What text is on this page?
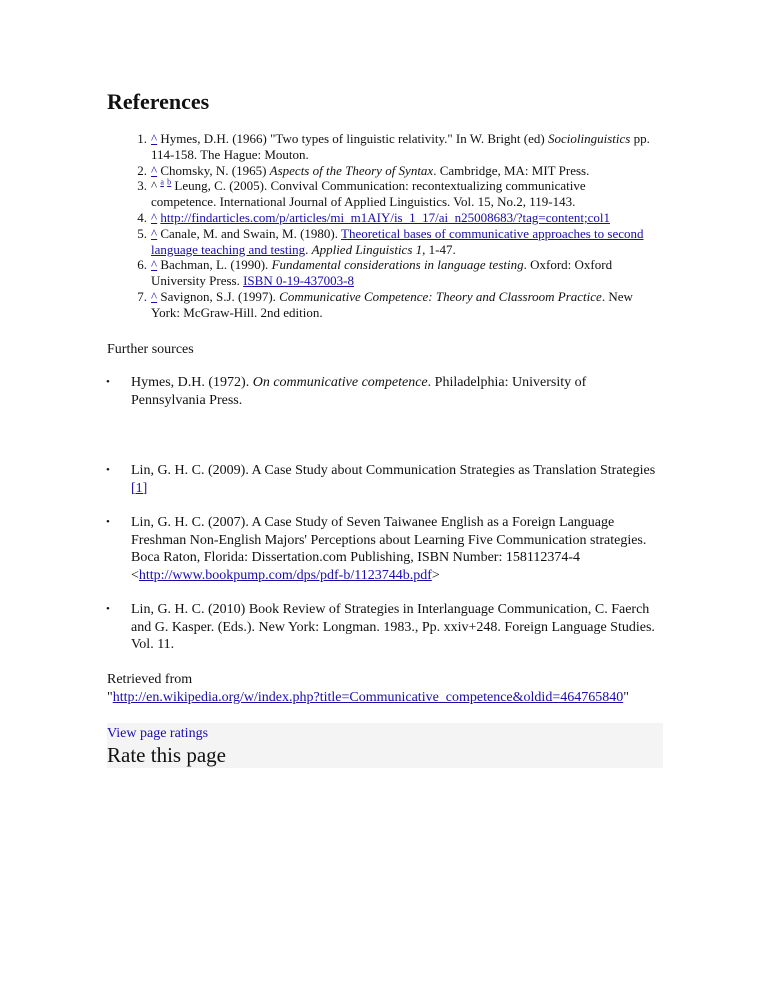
References
1. ^ Hymes, D.H. (1966) "Two types of linguistic relativity." In W. Bright (ed) Sociolinguistics pp. 114-158. The Hague: Mouton.
2. ^ Chomsky, N. (1965) Aspects of the Theory of Syntax. Cambridge, MA: MIT Press.
3. ^ $^a$ $^b$ Leung, C. (2005). Convival Communication: recontextualizing communicative competence. International Journal of Applied Linguistics. Vol. 15, No.2, 119-143.
4. ^ http://findarticles.com/p/articles/mi_m1AIY/is_1_17/ai_n25008683/?tag=content;col1
5. ^ Canale, M. and Swain, M. (1980). Theoretical bases of communicative approaches to second language teaching and testing. Applied Linguistics 1, 1-47.
6. ^ Bachman, L. (1990). Fundamental considerations in language testing. Oxford: Oxford University Press. ISBN 0-19-437003-8
7. ^ Savignon, S.J. (1997). Communicative Competence: Theory and Classroom Practice. New York: McGraw-Hill. 2nd edition.
Further sources
• Hymes, D.H. (1972). On communicative competence. Philadelphia: University of Pennsylvania Press.
• Lin, G. H. C. (2009). A Case Study about Communication Strategies as Translation Strategies [1]
• Lin, G. H. C. (2007). A Case Study of Seven Taiwanee English as a Foreign Language Freshman Non-English Majors' Perceptions about Learning Five Communication strategies. Boca Raton, Florida: Dissertation.com Publishing, ISBN Number: 158112374-4 <http://www.bookpump.com/dps/pdf-b/1123744b.pdf>
• Lin, G. H. C. (2010) Book Review of Strategies in Interlanguage Communication, C. Faerch and G. Kasper. (Eds.). New York: Longman. 1983., Pp. xxiv+248. Foreign Language Studies. Vol. 11.
Retrieved from
"http://en.wikipedia.org/w/index.php?title=Communicative_competence&oldid=464765840"
View page ratings
Rate this page
